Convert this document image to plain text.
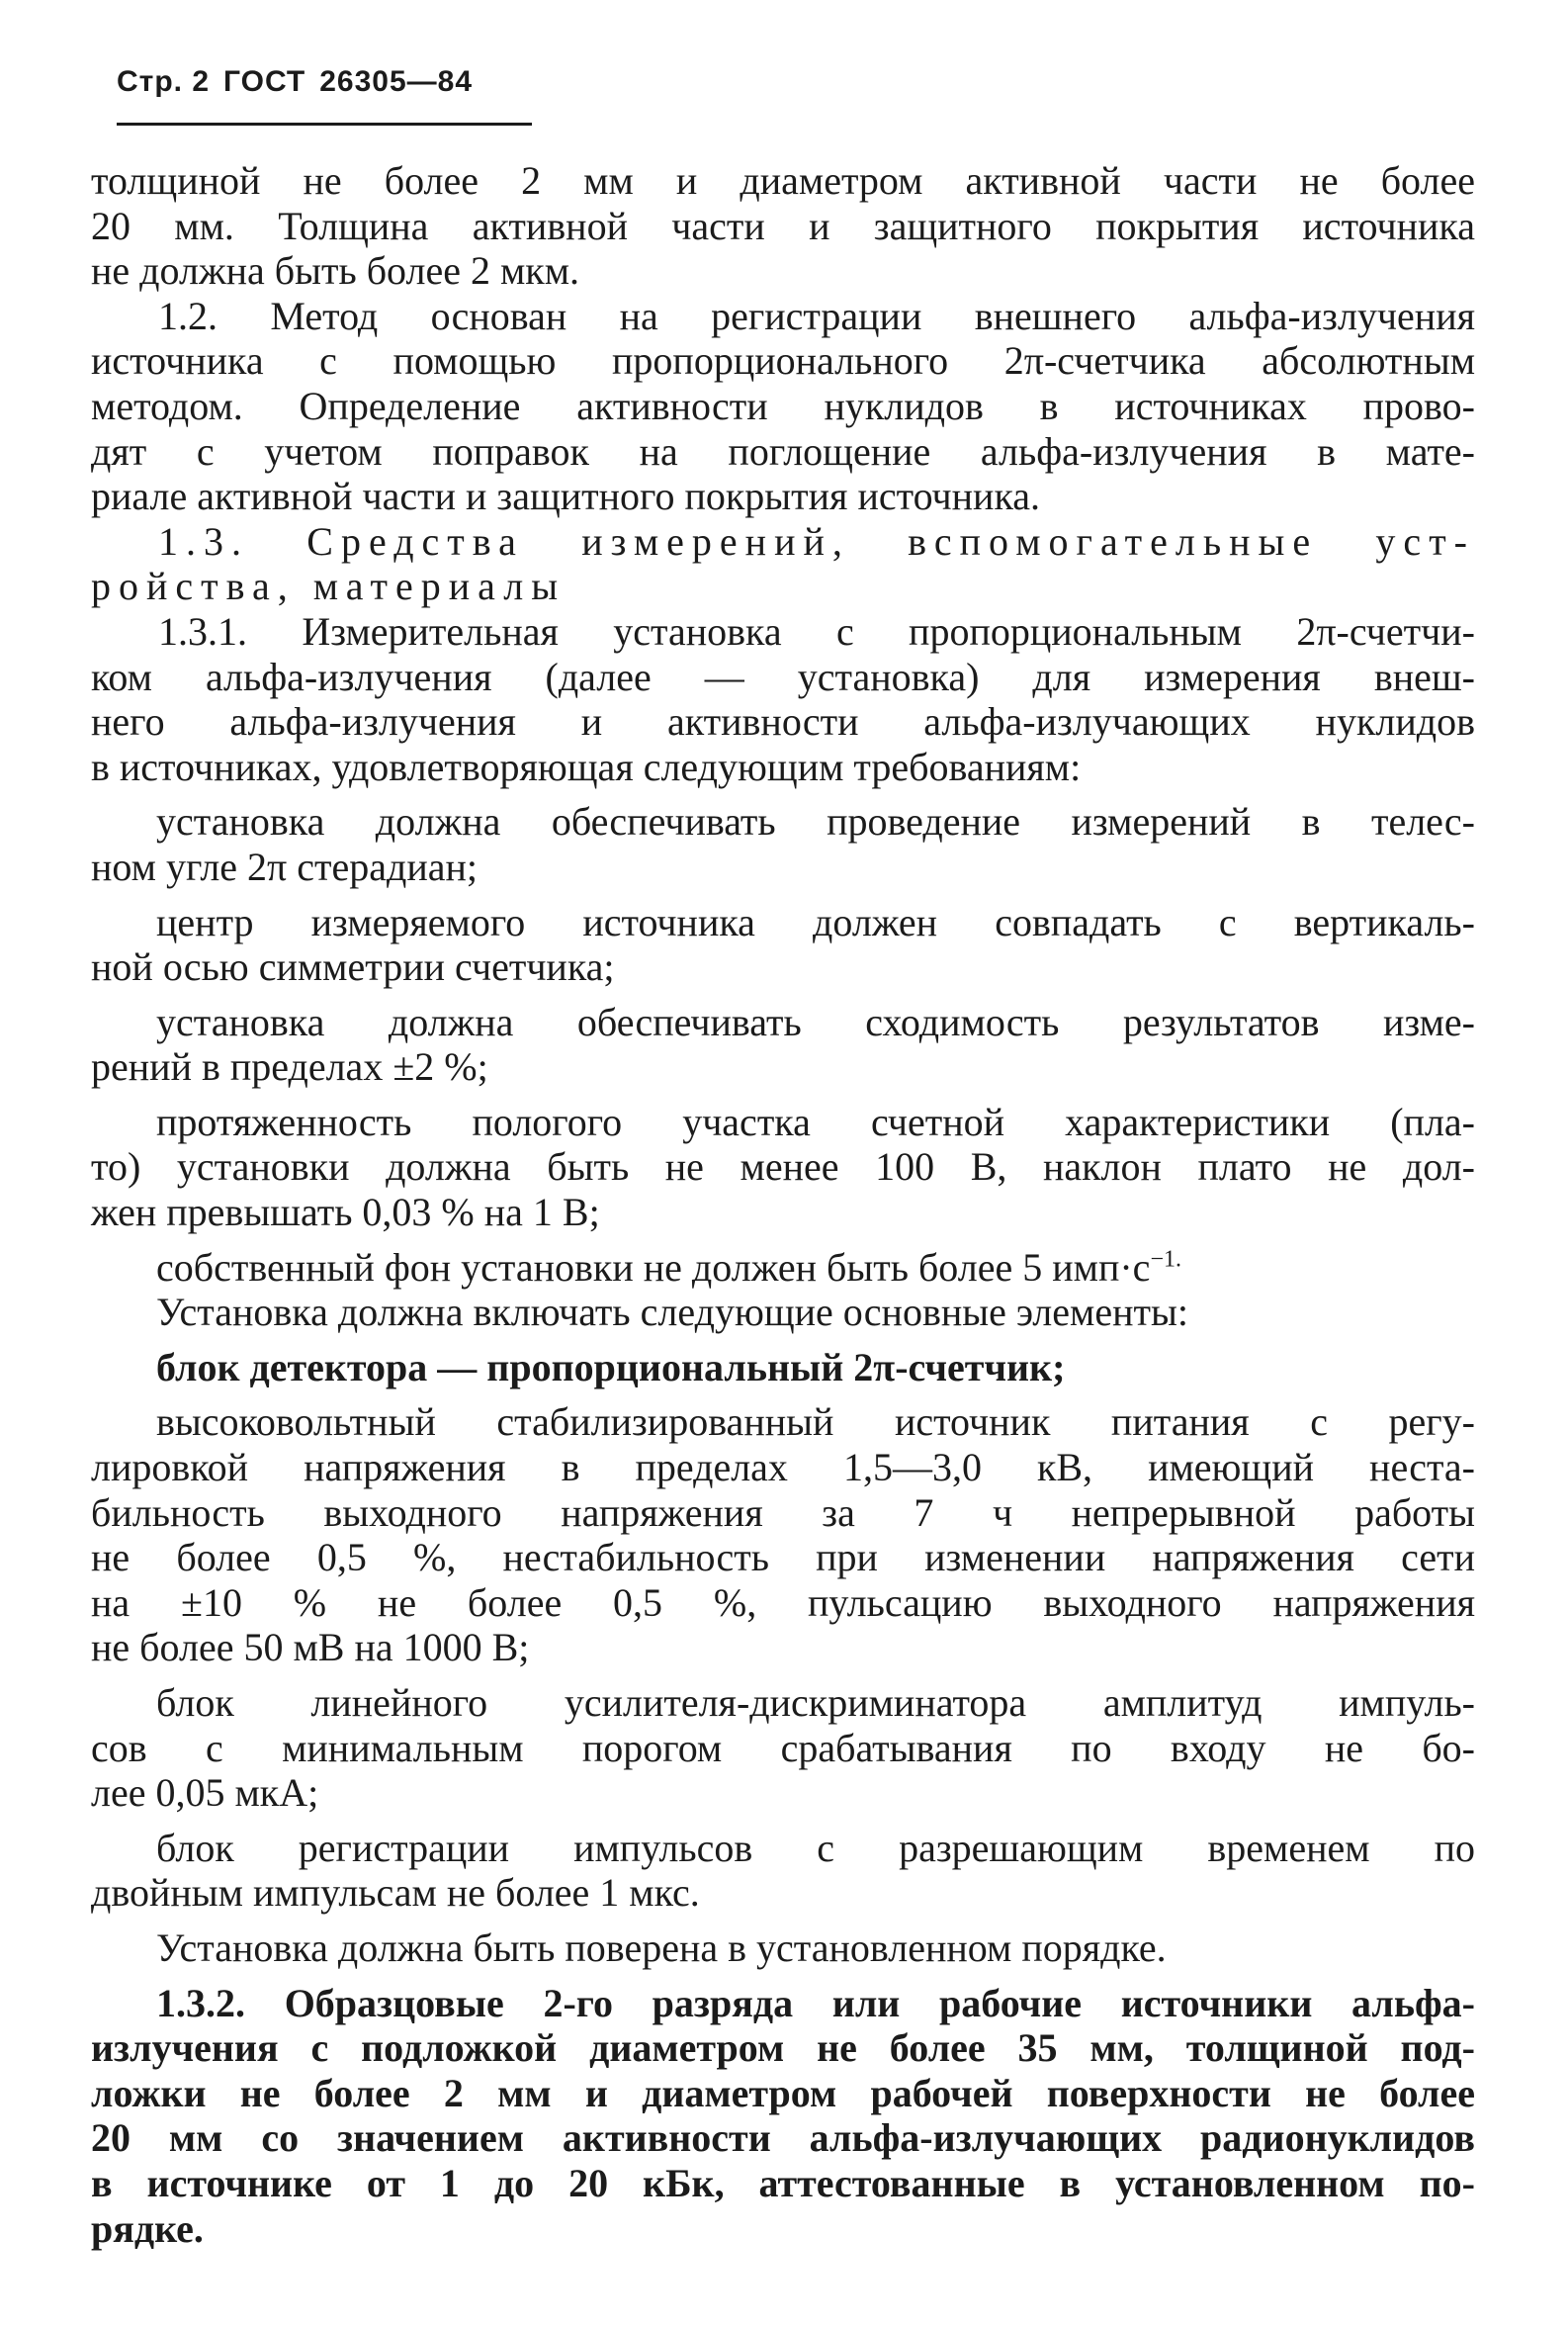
Стр. 2 ГОСТ 26305—84
толщиной не более 2 мм и диаметром активной части не более
20 мм. Толщина активной части и защитного покрытия источника
не должна быть более 2 мкм.
1.2. Метод основан на регистрации внешнего альфа-излучения
источника с помощью пропорционального 2π-счетчика абсолютным
методом. Определение активности нуклидов в источниках прово-
дят с учетом поправок на поглощение альфа-излучения в мате-
риале активной части и защитного покрытия источника.
1.3. Средства измерений, вспомогательные уст-
ройства, материалы
1.3.1. Измерительная установка с пропорциональным 2π-счетчи-
ком альфа-излучения (далее — установка) для измерения внеш-
него альфа-излучения и активности альфа-излучающих нуклидов
в источниках, удовлетворяющая следующим требованиям:
установка должна обеспечивать проведение измерений в телес-
ном угле 2π стерадиан;
центр измеряемого источника должен совпадать с вертикаль-
ной осью симметрии счетчика;
установка должна обеспечивать сходимость результатов изме-
рений в пределах ±2 %;
протяженность пологого участка счетной характеристики (пла-
то) установки должна быть не менее 100 В, наклон плато не дол-
жен превышать 0,03 % на 1 В;
собственный фон установки не должен быть более 5 $имп\cdot с^{-1.}$
Установка должна включать следующие основные элементы:
блок детектора — пропорциональный 2π-счетчик;
высоковольтный стабилизированный источник питания с регу-
лировкой напряжения в пределах 1,5—3,0 кВ, имеющий неста-
бильность выходного напряжения за 7 ч непрерывной работы
не более 0,5 %, нестабильность при изменении напряжения сети
на ±10 % не более 0,5 %, пульсацию выходного напряжения
не более 50 мВ на 1000 В;
блок линейного усилителя-дискриминатора амплитуд импуль-
сов с минимальным порогом срабатывания по входу не бо-
лее 0,05 мкА;
блок регистрации импульсов с разрешающим временем по
двойным импульсам не более 1 мкс.
Установка должна быть поверена в установленном порядке.
1.3.2. Образцовые 2-го разряда или рабочие источники альфа-
излучения с подложкой диаметром не более 35 мм, толщиной под-
ложки не более 2 мм и диаметром рабочей поверхности не более
20 мм со значением активности альфа-излучающих радионуклидов
в источнике от 1 до 20 кБк, аттестованные в установленном по-
рядке.
